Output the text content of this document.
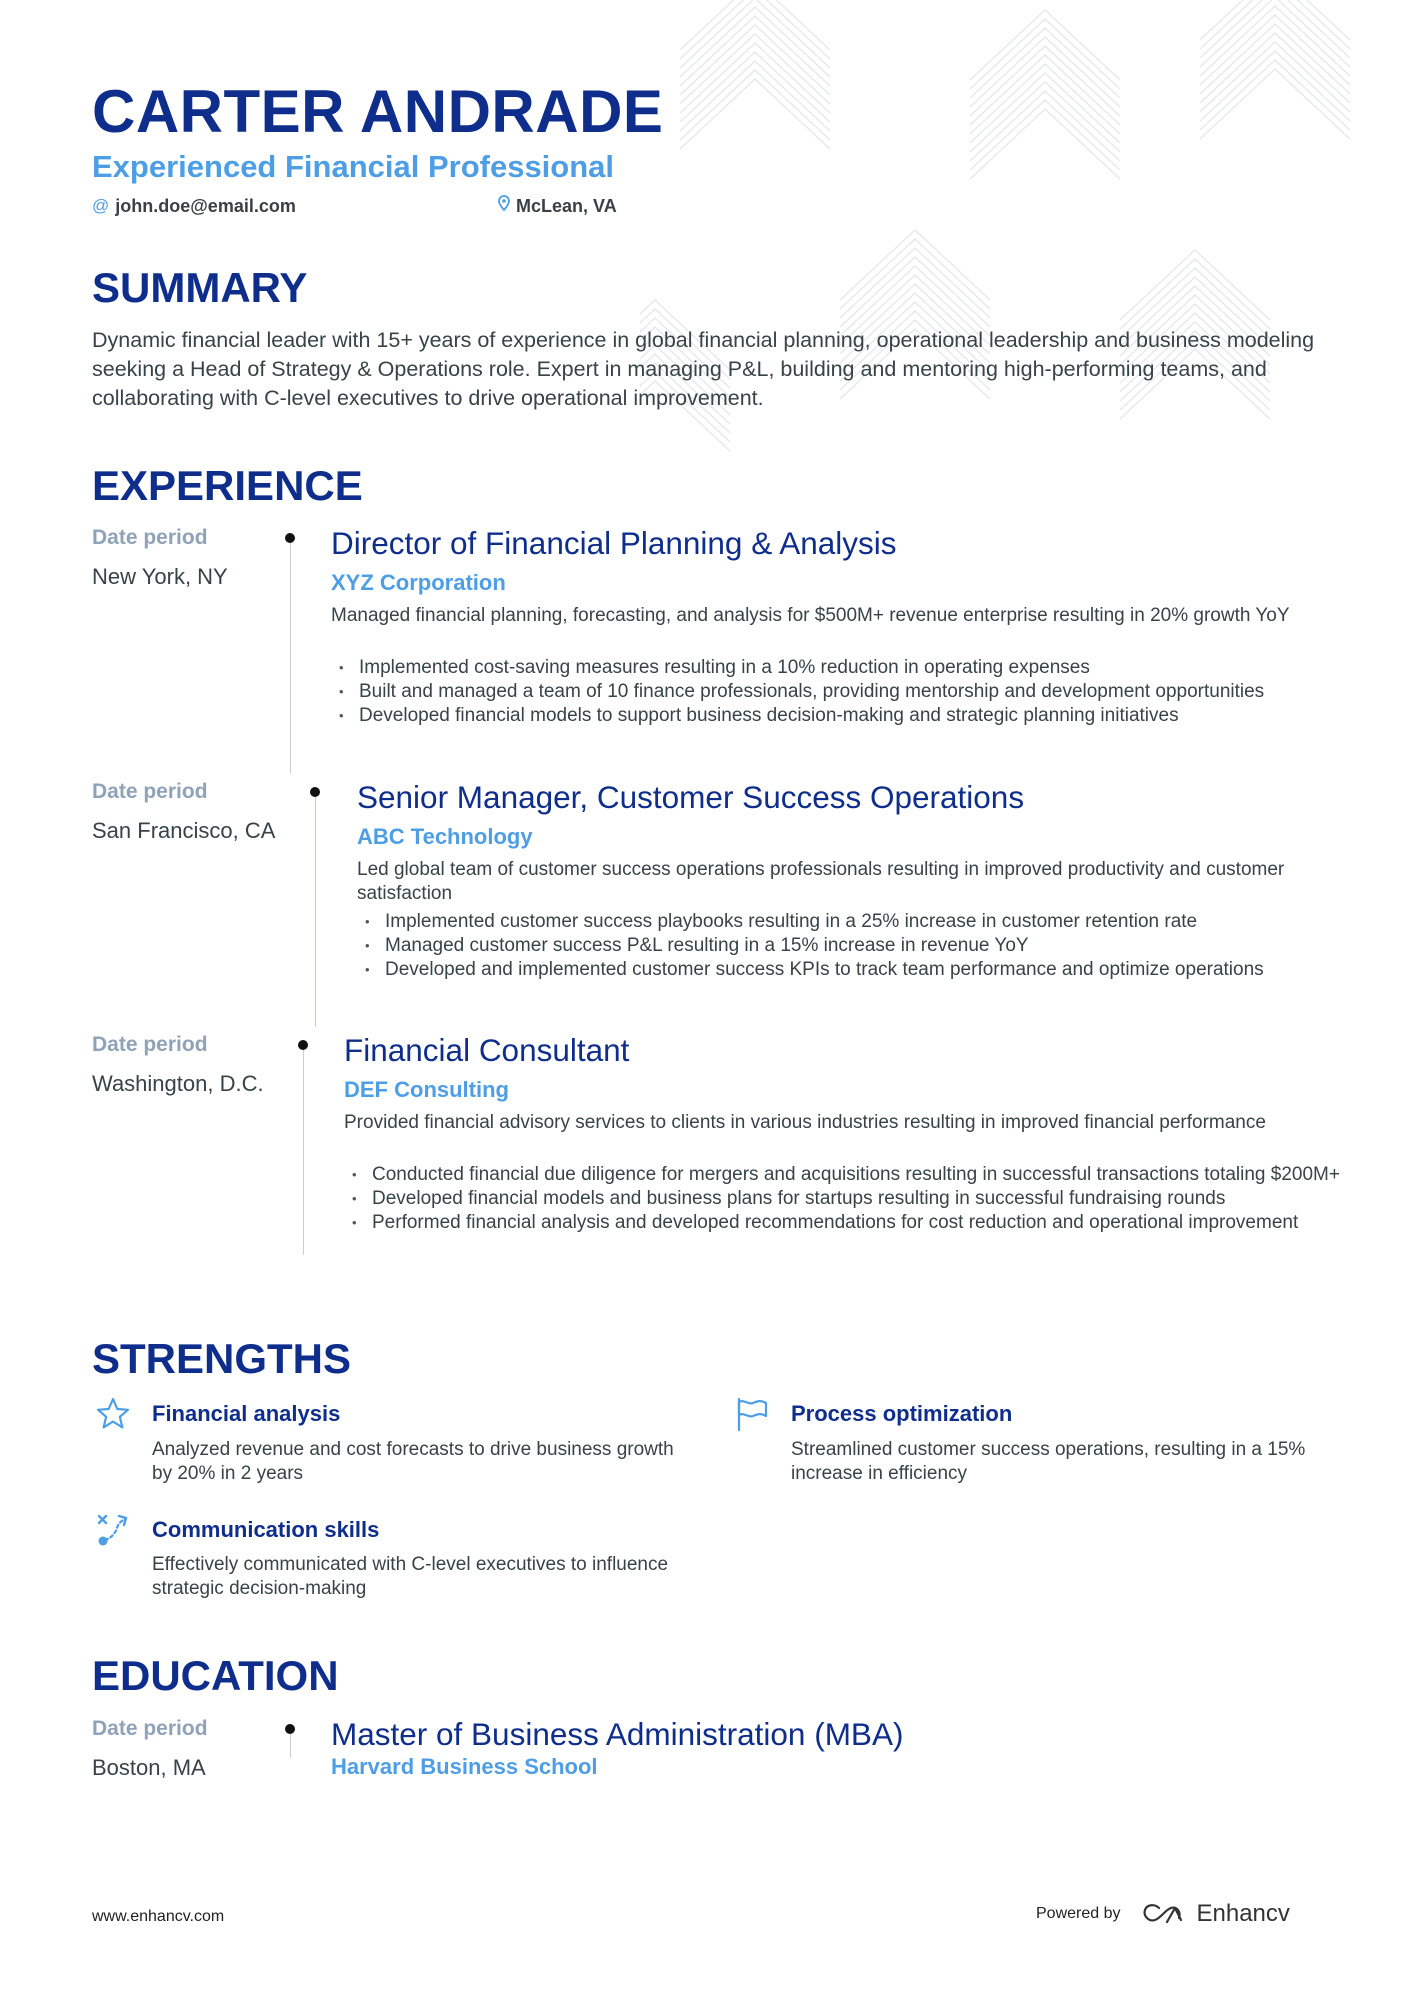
CARTER ANDRADE
Experienced Financial Professional
@ john.doe@email.com	McLean, VA
SUMMARY
Dynamic financial leader with 15+ years of experience in global financial planning, operational leadership and business modeling seeking a Head of Strategy & Operations role. Expert in managing P&L, building and mentoring high-performing teams, and collaborating with C-level executives to drive operational improvement.
EXPERIENCE
Date period
New York, NY
Director of Financial Planning & Analysis
XYZ Corporation
Managed financial planning, forecasting, and analysis for $500M+ revenue enterprise resulting in 20% growth YoY
• Implemented cost-saving measures resulting in a 10% reduction in operating expenses
• Built and managed a team of 10 finance professionals, providing mentorship and development opportunities
• Developed financial models to support business decision-making and strategic planning initiatives
Date period
San Francisco, CA
Senior Manager, Customer Success Operations
ABC Technology
Led global team of customer success operations professionals resulting in improved productivity and customer satisfaction
• Implemented customer success playbooks resulting in a 25% increase in customer retention rate
• Managed customer success P&L resulting in a 15% increase in revenue YoY
• Developed and implemented customer success KPIs to track team performance and optimize operations
Date period
Washington, D.C.
Financial Consultant
DEF Consulting
Provided financial advisory services to clients in various industries resulting in improved financial performance
• Conducted financial due diligence for mergers and acquisitions resulting in successful transactions totaling $200M+
• Developed financial models and business plans for startups resulting in successful fundraising rounds
• Performed financial analysis and developed recommendations for cost reduction and operational improvement
STRENGTHS
Financial analysis
Analyzed revenue and cost forecasts to drive business growth by 20% in 2 years
Process optimization
Streamlined customer success operations, resulting in a 15% increase in efficiency
Communication skills
Effectively communicated with C-level executives to influence strategic decision-making
EDUCATION
Date period
Boston, MA
Master of Business Administration (MBA)
Harvard Business School
www.enhancv.com	Powered by	Enhancv
